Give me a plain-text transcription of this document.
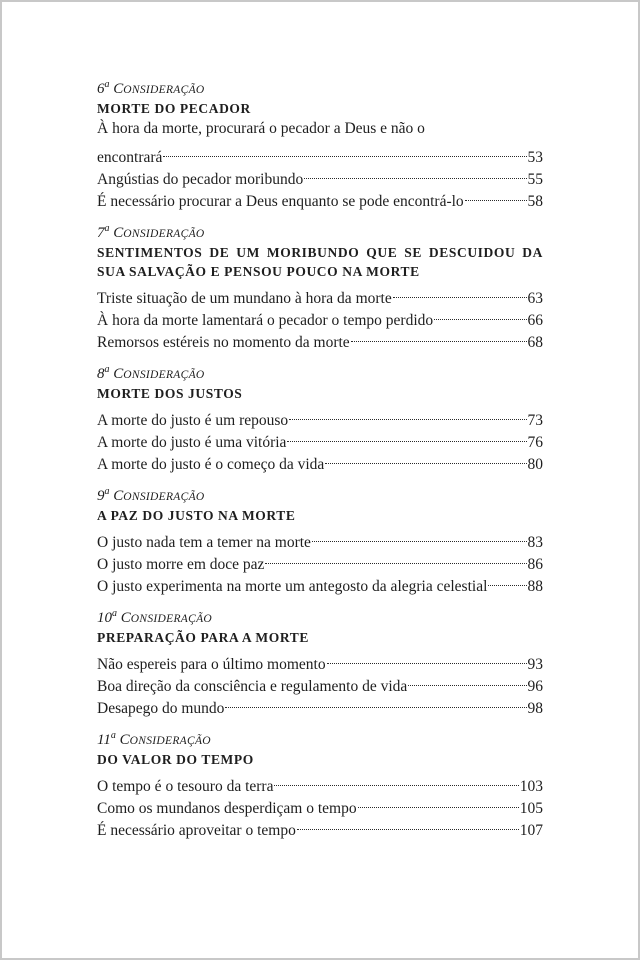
6$^a$ CONSIDERAÇÃO
MORTE DO PECADOR
À hora da morte, procurará o pecador a Deus e não o
encontrará	53
Angústias do pecador moribundo	55
É necessário procurar a Deus enquanto se pode encontrá-lo	58
7$^a$ CONSIDERAÇÃO
SENTIMENTOS DE UM MORIBUNDO QUE SE DESCUIDOU DA SUA SALVAÇÃO E PENSOU POUCO NA MORTE
Triste situação de um mundano à hora da morte	63
À hora da morte lamentará o pecador o tempo perdido	66
Remorsos estéreis no momento da morte	68
8$^a$ CONSIDERAÇÃO
MORTE DOS JUSTOS
A morte do justo é um repouso	73
A morte do justo é uma vitória	76
A morte do justo é o começo da vida	80
9$^a$ CONSIDERAÇÃO
A PAZ DO JUSTO NA MORTE
O justo nada tem a temer na morte	83
O justo morre em doce paz	86
O justo experimenta na morte um antegosto da alegria celestial	88
10$^a$ CONSIDERAÇÃO
PREPARAÇÃO PARA A MORTE
Não espereis para o último momento	93
Boa direção da consciência e regulamento de vida	96
Desapego do mundo	98
11$^a$ CONSIDERAÇÃO
DO VALOR DO TEMPO
O tempo é o tesouro da terra	103
Como os mundanos desperdiçam o tempo	105
É necessário aproveitar o tempo	107
